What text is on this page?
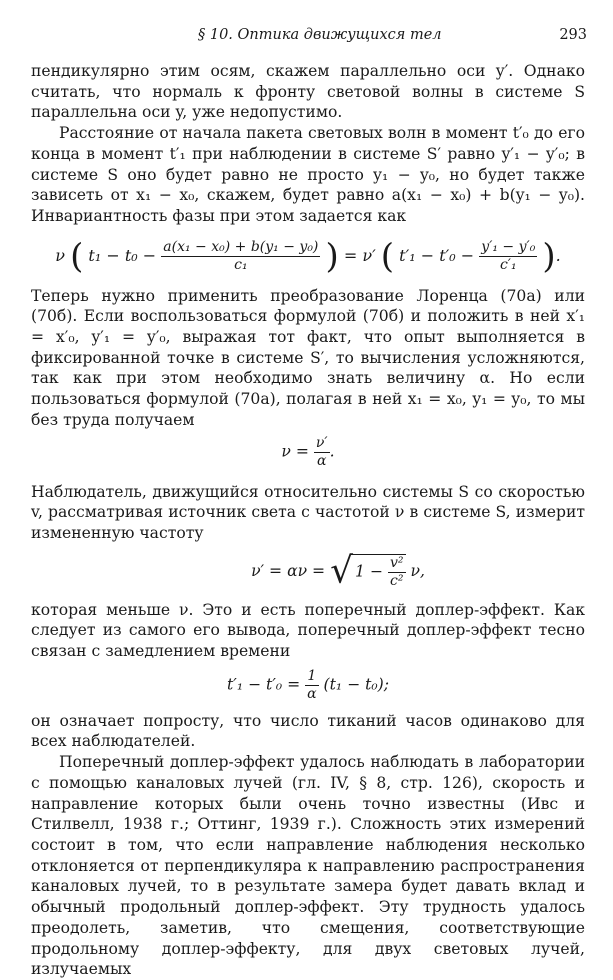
§ 10. Оптика движущихся тел	293

пендикулярно этим осям, скажем параллельно оси y′. Однако считать, что нормаль к фронту световой волны в системе S параллельна оси y, уже недопустимо.

Расстояние от начала пакета световых волн в момент t′₀ до его конца в момент t′₁ при наблюдении в системе S′ равно y′₁ − y′₀; в системе S оно будет равно не просто y₁ − y₀, но будет также зависеть от x₁ − x₀, скажем, будет равно a(x₁ − x₀) + b(y₁ − y₀). Инвариантность фазы при этом задается как

ν ( $t_1 - t_0 - \frac{\text{a(x₁ − x₀) + b(y₁ − y₀)}}{\text{c₁}}$ ) = ν′ ( $t'_1 - t'_0 - \frac{\text{y′₁ − y′₀}}{\text{c′₁}}$ ).

Теперь нужно применить преобразование Лоренца (70а) или (70б). Если воспользоваться формулой (70б) и положить в ней x′₁ = x′₀, y′₁ = y′₀, выражая тот факт, что опыт выполняется в фиксированной точке в системе S′, то вычисления усложняются, так как при этом необходимо знать величину α. Но если пользоваться формулой (70а), полагая в ней x₁ = x₀, y₁ = y₀, то мы без труда получаем

$\nu = \frac{\nu'}{\alpha}$ .

Наблюдатель, движущийся относительно системы S со скоростью v, рассматривая источник света с частотой ν в системе S, измерит измененную частоту

ν′ = αν = √ $1 - \frac{\text{v²}}{\text{c²}} \nu$,

которая меньше ν. Это и есть поперечный доплер-эффект. Как следует из самого его вывода, поперечный доплер-эффект тесно связан с замедлением времени

$t'_1 - t'_0 = \frac{1}{\alpha} (t_1 - t_0)$;

он означает попросту, что число тиканий часов одинаково для всех наблюдателей.

Поперечный доплер-эффект удалось наблюдать в лаборатории с помощью каналовых лучей (гл. IV, § 8, стр. 126), скорость и направление которых были очень точно известны (Ивс и Стилвелл, 1938 г.; Оттинг, 1939 г.). Сложность этих измерений состоит в том, что если направление наблюдения несколько отклоняется от перпендикуляра к направлению распространения каналовых лучей, то в результате замера будет давать вклад и обычный продольный доплер-эффект. Эту трудность удалось преодолеть, заметив, что смещения, соответствующие продольному доплер-эффекту, для двух световых лучей, излучаемых
